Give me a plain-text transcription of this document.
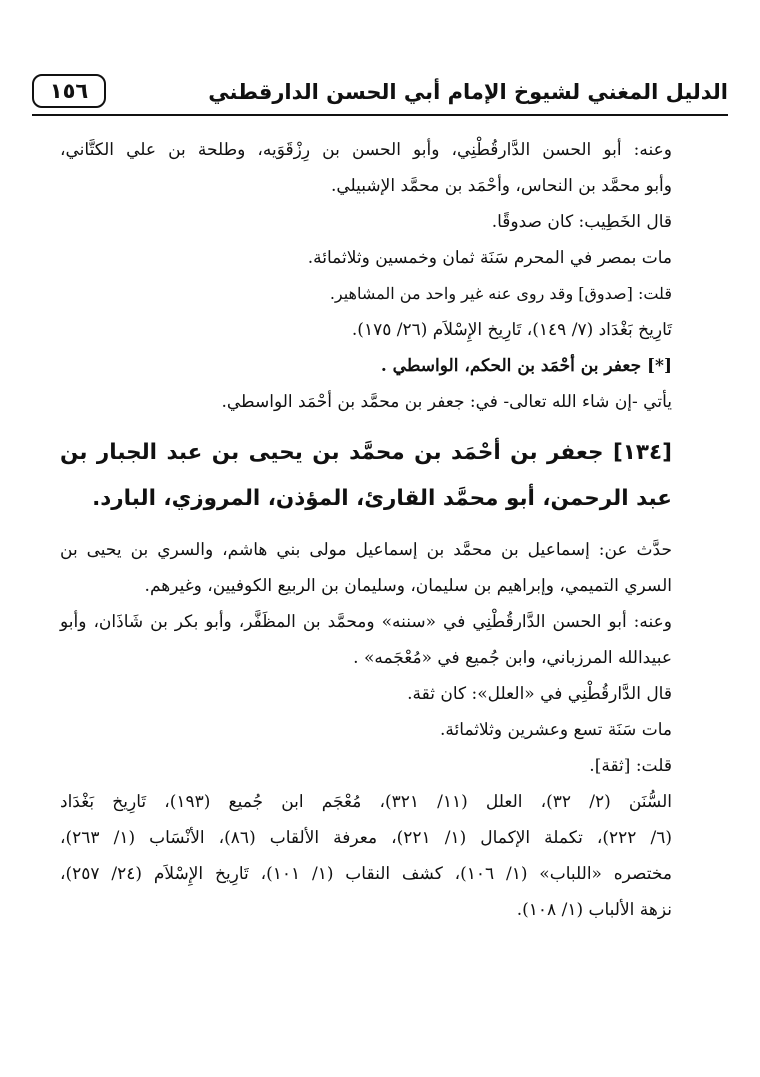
الدليل المغني لشيوخ الإمام أبي الحسن الدارقطني
١٥٦

وعنه: أبو الحسن الدَّارقُطْنِي، وأبو الحسن بن رِزْقَوَيه، وطلحة بن علي الكتَّاني،

وأبو محمَّد بن النحاس، وأحْمَد بن محمَّد الإشبيلي.

قال الخَطِيب: كان صدوقًا.

مات بمصر في المحرم سَنَة ثمان وخمسين وثلاثمائة.

قلت: [صدوق] وقد روى عنه غير واحد من المشاهير.

تَارِيخ بَغْدَاد (٧/ ١٤٩)، تَارِيخ الإِسْلاَم (٢٦/ ١٧٥).

[*] جعفر بن أحْمَد بن الحكم، الواسطي .

يأتي -إن شاء الله تعالى- في: جعفر بن محمَّد بن أحْمَد الواسطي.

[١٣٤] جعفر بن أحْمَد بن محمَّد بن يحيى بن عبد الجبار بن

عبد الرحمن، أبو محمَّد القارئ، المؤذن، المروزي، البارد.

حدَّث عن: إسماعيل بن محمَّد بن إسماعيل مولى بني هاشم، والسري بن يحيى بن

السري التميمي، وإبراهيم بن سليمان، وسليمان بن الربيع الكوفيين، وغيرهم.

وعنه: أبو الحسن الدَّارقُطْنِي في «سننه» ومحمَّد بن المظَفَّر، وأبو بكر بن شَاذَان، وأبو

عبيدالله المرزباني، وابن جُميع في «مُعْجَمه» .

قال الدَّارقُطْنِي في «العلل»: كان ثقة.

مات سَنَة تسع وعشرين وثلاثمائة.

قلت: [ثقة].

السُّنَن (٢/ ٣٢)، العلل (١١/ ٣٢١)، مُعْجَم ابن جُميع (١٩٣)، تَارِيخ بَغْدَاد

(٦/ ٢٢٢)، تكملة الإكمال (١/ ٢٢١)، معرفة الألقاب (٨٦)، الأنْسَاب (١/ ٢٦٣)،

مختصره «اللباب» (١/ ١٠٦)، كشف النقاب (١/ ١٠١)، تَارِيخ الإِسْلاَم (٢٤/ ٢٥٧)،

نزهة الألباب (١/ ١٠٨).
